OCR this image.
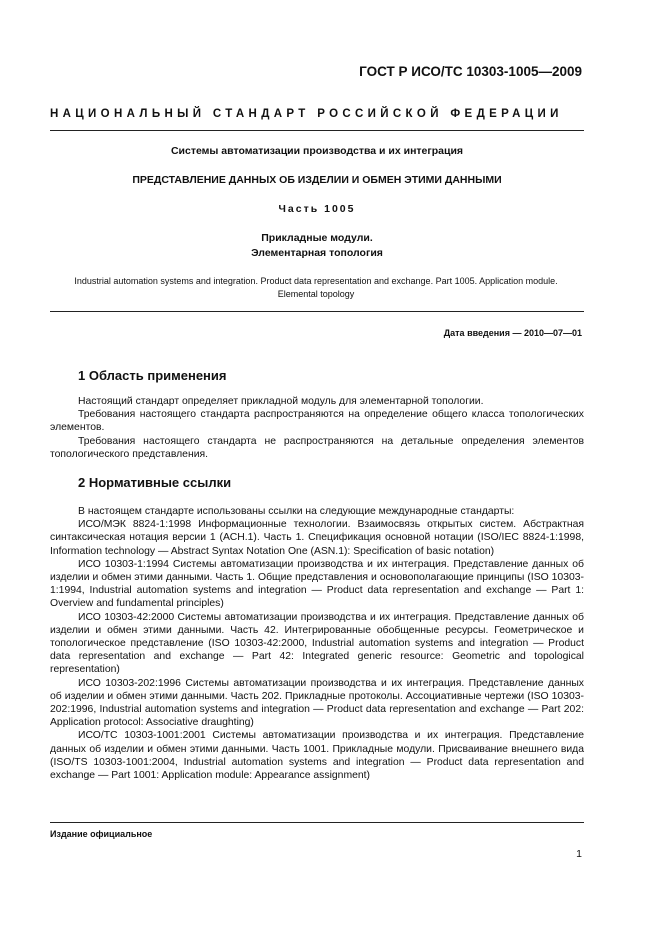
ГОСТ Р ИСО/ТС 10303-1005—2009
НАЦИОНАЛЬНЫЙ СТАНДАРТ РОССИЙСКОЙ ФЕДЕРАЦИИ
Системы автоматизации производства и их интеграция
ПРЕДСТАВЛЕНИЕ ДАННЫХ ОБ ИЗДЕЛИИ И ОБМЕН ЭТИМИ ДАННЫМИ
Часть 1005
Прикладные модули.
Элементарная топология
Industrial automation systems and integration. Product data representation and exchange. Part 1005. Application module. Elemental topology
Дата введения — 2010—07—01
1 Область применения

Настоящий стандарт определяет прикладной модуль для элементарной топологии.

Требования настоящего стандарта распространяются на определение общего класса топологических элементов.

Требования настоящего стандарта не распространяются на детальные определения элементов топологического представления.

2 Нормативные ссылки

В настоящем стандарте использованы ссылки на следующие международные стандарты:

ИСО/МЭК 8824-1:1998 Информационные технологии. Взаимосвязь открытых систем. Абстрактная синтаксическая нотация версии 1 (АСН.1). Часть 1. Спецификация основной нотации (ISO/IEC 8824-1:1998, Information technology — Abstract Syntax Notation One (ASN.1): Specification of basic notation)

ИСО 10303-1:1994 Системы автоматизации производства и их интеграция. Представление данных об изделии и обмен этими данными. Часть 1. Общие представления и основополагающие принципы (ISO 10303-1:1994, Industrial automation systems and integration — Product data representation and exchange — Part 1: Overview and fundamental principles)

ИСО 10303-42:2000 Системы автоматизации производства и их интеграция. Представление данных об изделии и обмен этими данными. Часть 42. Интегрированные обобщенные ресурсы. Геометрическое и топологическое представление (ISO 10303-42:2000, Industrial automation systems and integration — Product data representation and exchange — Part 42: Integrated generic resource: Geometric and topological representation)

ИСО 10303-202:1996 Системы автоматизации производства и их интеграция. Представление данных об изделии и обмен этими данными. Часть 202. Прикладные протоколы. Ассоциативные чертежи (ISO 10303-202:1996, Industrial automation systems and integration — Product data representation and exchange — Part 202: Application protocol: Associative draughting)

ИСО/ТС 10303-1001:2001 Системы автоматизации производства и их интеграция. Представление данных об изделии и обмен этими данными. Часть 1001. Прикладные модули. Присваивание внешнего вида (ISO/TS 10303-1001:2004, Industrial automation systems and integration — Product data representation and exchange — Part 1001: Application module: Appearance assignment)

Издание официальное
1
